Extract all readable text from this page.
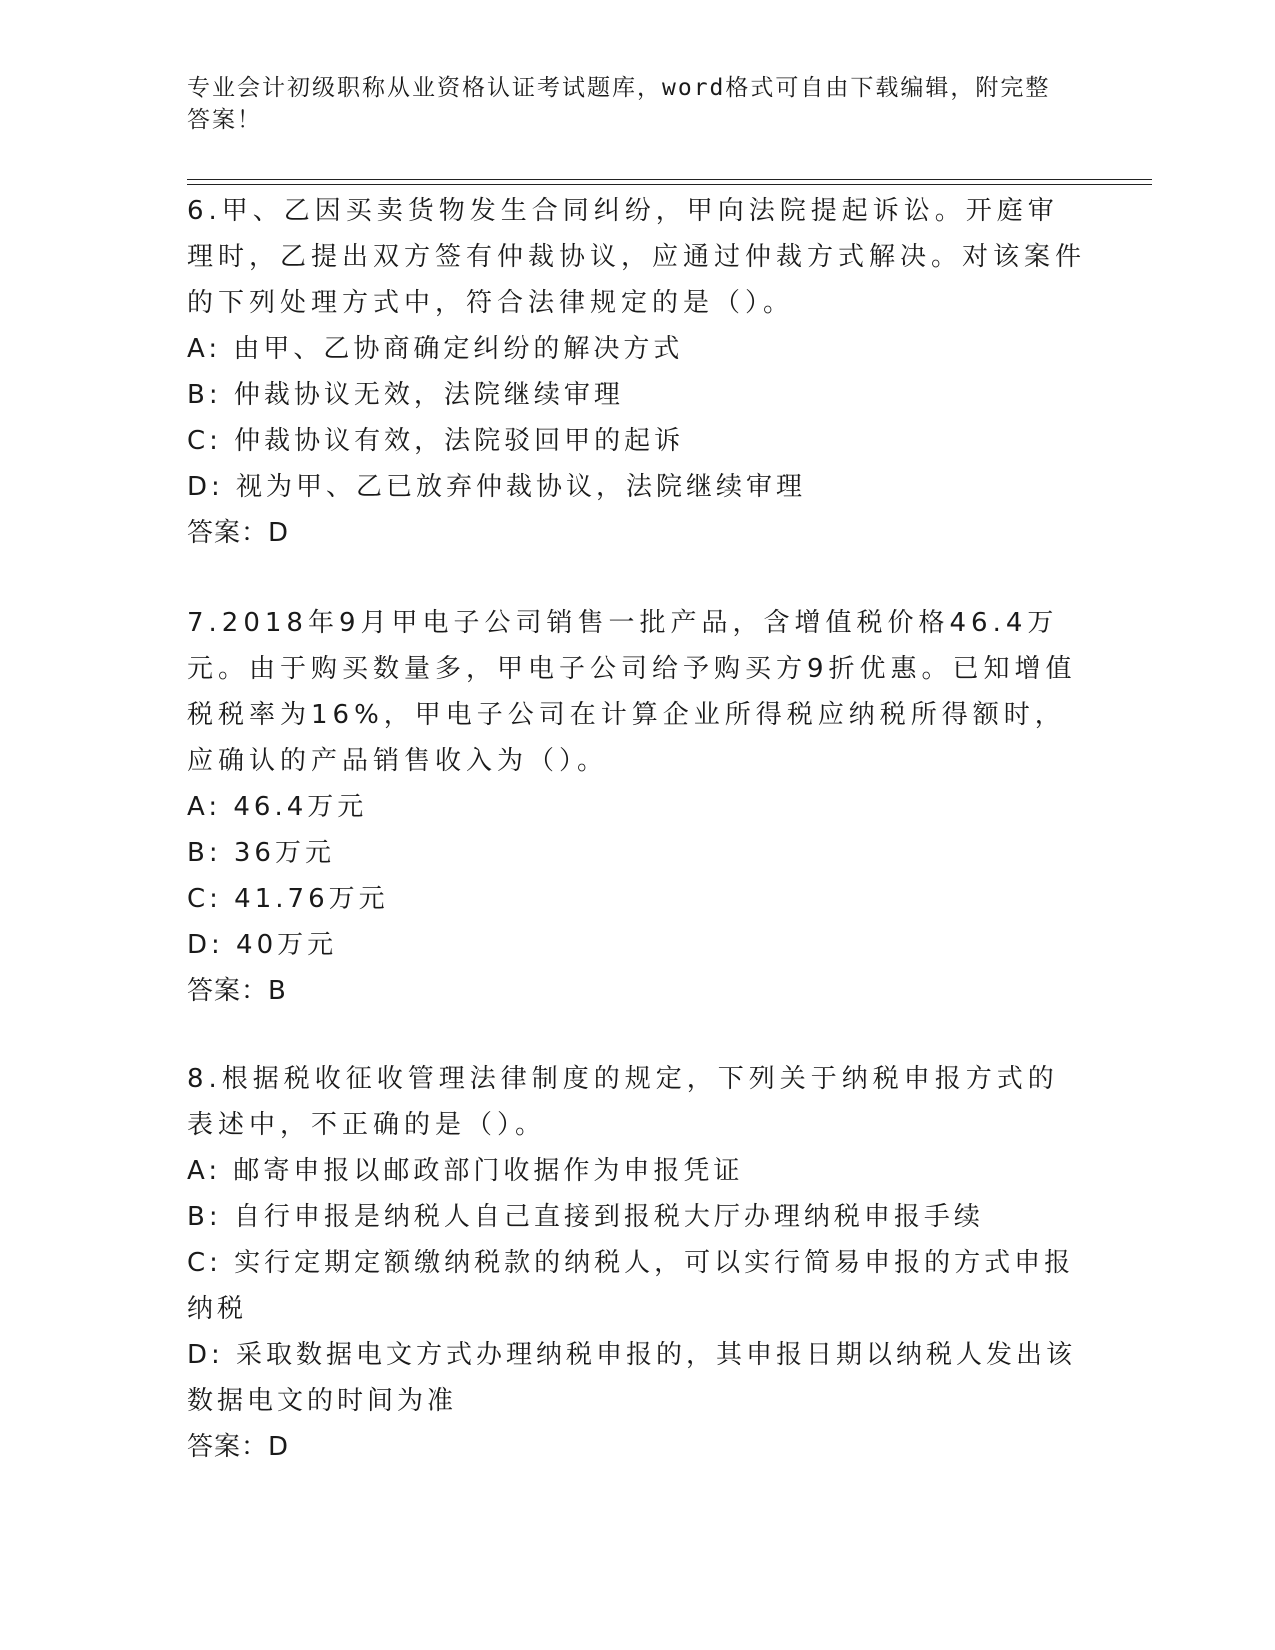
专业会计初级职称从业资格认证考试题库，word格式可自由下载编辑，附完整答案！

6.甲、乙因买卖货物发生合同纠纷，甲向法院提起诉讼。开庭审理时，乙提出双方签有仲裁协议，应通过仲裁方式解决。对该案件的下列处理方式中，符合法律规定的是（）。

A: 由甲、乙协商确定纠纷的解决方式

B: 仲裁协议无效，法院继续审理

C: 仲裁协议有效，法院驳回甲的起诉

D: 视为甲、乙已放弃仲裁协议，法院继续审理

答案：D

7.2018年9月甲电子公司销售一批产品，含增值税价格46.4万元。由于购买数量多，甲电子公司给予购买方9折优惠。已知增值税税率为16%，甲电子公司在计算企业所得税应纳税所得额时，应确认的产品销售收入为（）。

A: 46.4万元

B: 36万元

C: 41.76万元

D: 40万元

答案：B

8.根据税收征收管理法律制度的规定，下列关于纳税申报方式的表述中，不正确的是（）。

A: 邮寄申报以邮政部门收据作为申报凭证

B: 自行申报是纳税人自己直接到报税大厅办理纳税申报手续

C: 实行定期定额缴纳税款的纳税人，可以实行简易申报的方式申报纳税

D: 采取数据电文方式办理纳税申报的，其申报日期以纳税人发出该数据电文的时间为准

答案：D
